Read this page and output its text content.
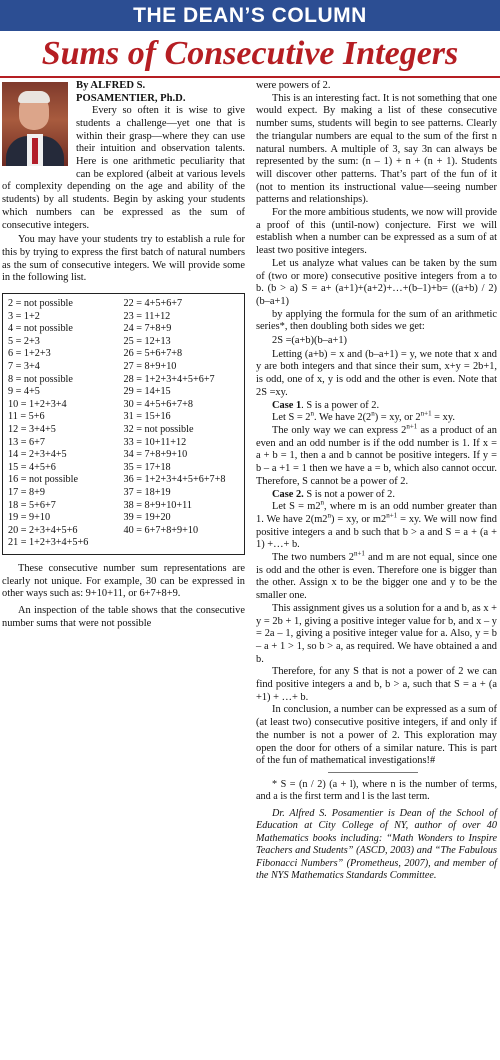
THE DEAN’S COLUMN
Sums of Consecutive Integers

By ALFRED S.
POSAMENTIER, Ph.D.

Every so often it is wise to give students a challenge—yet one that is within their grasp—where they can use their intuition and observation talents. Here is one arithmetic peculiarity that can be explored (albeit at various levels of complexity depending on the age and ability of the students) by all students. Begin by asking your students which numbers can be expressed as the sum of consecutive integers.

You may have your students try to establish a rule for this by trying to express the first batch of natural numbers as the sum of consecutive integers. We will provide some in the following list.

2 = not possible
3 = 1+2
4 = not possible
5 = 2+3
6 = 1+2+3
7 = 3+4
8 = not possible
9 = 4+5
10 = 1+2+3+4
11 = 5+6
12 = 3+4+5
13 = 6+7
14 = 2+3+4+5
15 = 4+5+6
16 = not possible
17 = 8+9
18 = 5+6+7
19 = 9+10
20 = 2+3+4+5+6
21 = 1+2+3+4+5+6
22 = 4+5+6+7
23 = 11+12
24 = 7+8+9
25 = 12+13
26 = 5+6+7+8
27 = 8+9+10
28 = 1+2+3+4+5+6+7
29 = 14+15
30 = 4+5+6+7+8
31 = 15+16
32 = not possible
33 = 10+11+12
34 = 7+8+9+10
35 = 17+18
36 = 1+2+3+4+5+6+7+8
37 = 18+19
38 = 8+9+10+11
39 = 19+20
40 = 6+7+8+9+10

These consecutive number sum representations are clearly not unique. For example, 30 can be expressed in other ways such as: 9+10+11, or 6+7+8+9.

An inspection of the table shows that the consecutive number sums that were not possible

were powers of 2.

This is an interesting fact. It is not something that one would expect. By making a list of these consecutive number sums, students will begin to see patterns. Clearly the triangular numbers are equal to the sum of the first n natural numbers. A multiple of 3, say 3n can always be represented by the sum: (n – 1) + n + (n + 1). Students will discover other patterns. That’s part of the fun of it (not to mention its instructional value—seeing number patterns and relationships).

For the more ambitious students, we now will provide a proof of this (until-now) conjecture. First we will establish when a number can be expressed as a sum of at least two positive integers.

Let us analyze what values can be taken by the sum of (two or more) consecutive positive integers from a to b. (b > a) S = a+ (a+1)+(a+2)+…+(b–1)+b= ((a+b) / 2)(b–a+1)

by applying the formula for the sum of an arithmetic series*, then doubling both sides we get:

2S =(a+b)(b–a+1)

Letting (a+b) = x and (b–a+1) = y, we note that x and y are both integers and that since their sum, x+y = 2b+1, is odd, one of x, y is odd and the other is even. Note that 2S =xy.

Case 1. S is a power of 2.

Let $S = 2^n$. We have $2(2^n)$ = xy, or $2^{n+1}$ = xy.

The only way we can express $2^{n+1}$ as a product of an even and an odd number is if the odd number is 1. If x = a + b = 1, then a and b cannot be positive integers. If y = b – a +1 = 1 then we have a = b, which also cannot occur. Therefore, S cannot be a power of 2.

Case 2. S is not a power of 2.

Let $S = m2^n$, where m is an odd number greater than 1. We have $2(m2^n)$ = xy, or $m2^{n+1}$ = xy. We will now find positive integers a and b such that b > a and S = a + (a + 1) +…+ b.

The two numbers $2^{n+1}$ and m are not equal, since one is odd and the other is even. Therefore one is bigger than the other. Assign x to be the bigger one and y to be the smaller one.

This assignment gives us a solution for a and b, as x + y = 2b + 1, giving a positive integer value for b, and x – y = 2a – 1, giving a positive integer value for a. Also, y = b – a + 1 > 1, so b > a, as required. We have obtained a and b.

Therefore, for any S that is not a power of 2 we can find positive integers a and b, b > a, such that S = a + (a +1) + …+ b.

In conclusion, a number can be expressed as a sum of (at least two) consecutive positive integers, if and only if the number is not a power of 2. This exploration may open the door for others of a similar nature. This is part of the fun of mathematical investigations!#

* S = (n / 2) (a + l), where n is the number of terms, and a is the first term and l is the last term.

Dr. Alfred S. Posamentier is Dean of the School of Education at City College of NY, author of over 40 Mathematics books including: “Math Wonders to Inspire Teachers and Students” (ASCD, 2003) and “The Fabulous Fibonacci Numbers” (Prometheus, 2007), and member of the NYS Mathematics Standards Committee.
